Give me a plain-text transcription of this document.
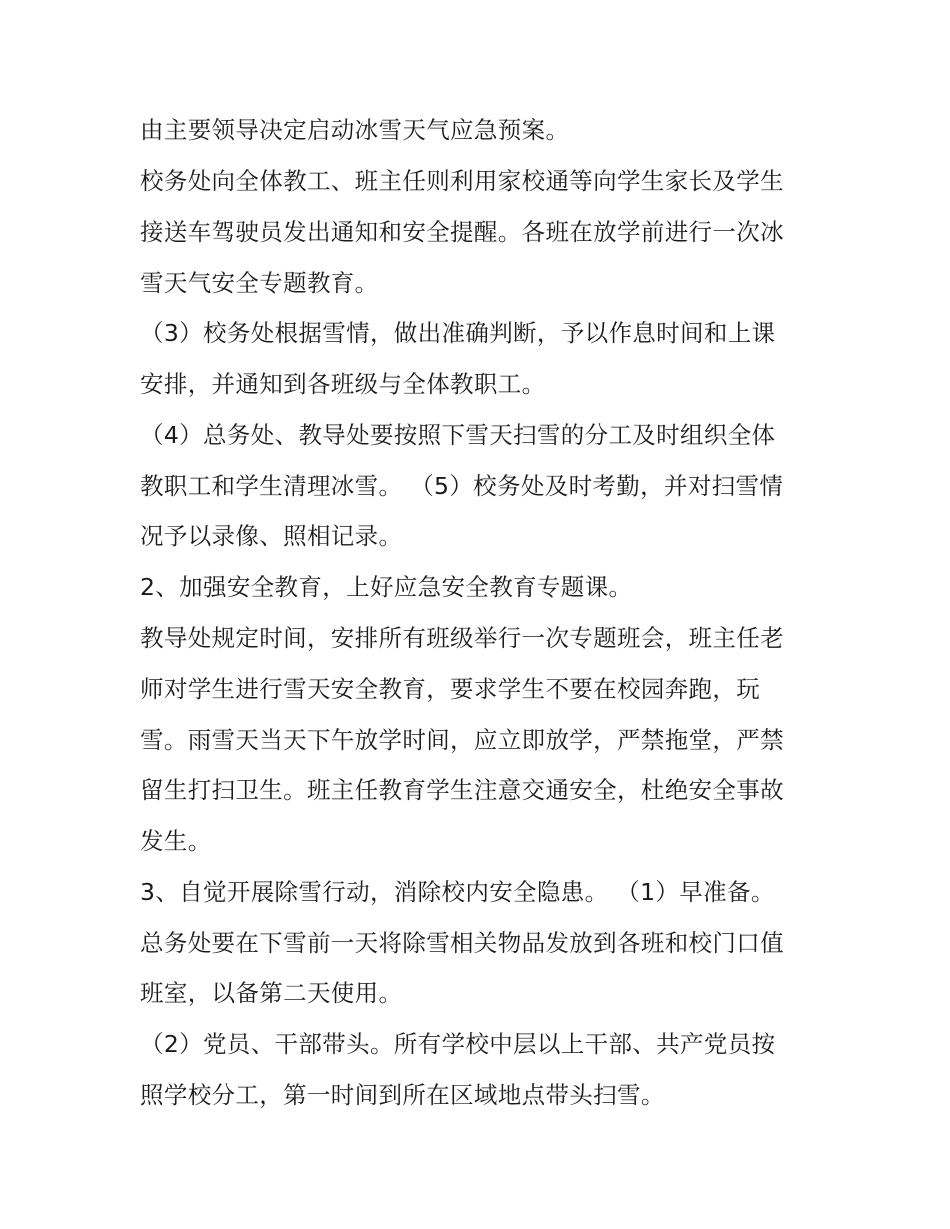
由主要领导决定启动冰雪天气应急预案。

校务处向全体教工、班主任则利用家校通等向学生家长及学生

接送车驾驶员发出通知和安全提醒。各班在放学前进行一次冰

雪天气安全专题教育。

（3）校务处根据雪情，做出准确判断，予以作息时间和上课

安排，并通知到各班级与全体教职工。

（4）总务处、教导处要按照下雪天扫雪的分工及时组织全体

教职工和学生清理冰雪。 （5）校务处及时考勤，并对扫雪情

况予以录像、照相记录。

2、加强安全教育，上好应急安全教育专题课。

教导处规定时间，安排所有班级举行一次专题班会，班主任老

师对学生进行雪天安全教育，要求学生不要在校园奔跑，玩

雪。雨雪天当天下午放学时间，应立即放学，严禁拖堂，严禁

留生打扫卫生。班主任教育学生注意交通安全，杜绝安全事故

发生。

3、自觉开展除雪行动，消除校内安全隐患。 （1）早准备。

总务处要在下雪前一天将除雪相关物品发放到各班和校门口值

班室，以备第二天使用。

（2）党员、干部带头。所有学校中层以上干部、共产党员按

照学校分工，第一时间到所在区域地点带头扫雪。
